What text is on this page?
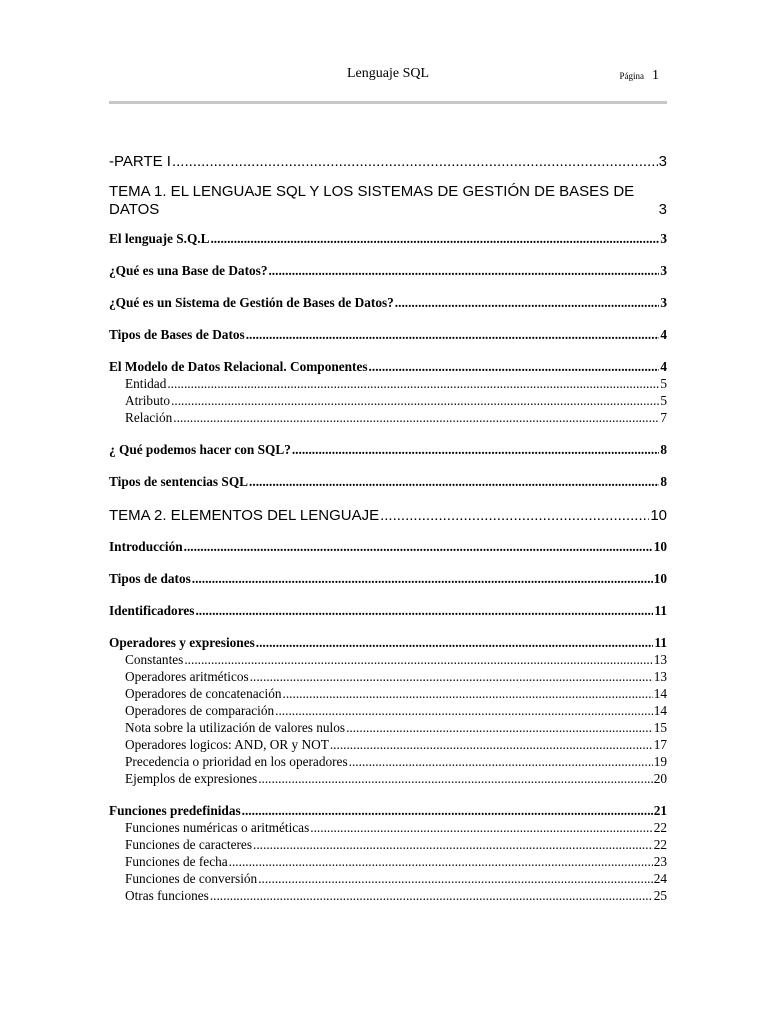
Lenguaje SQL	Página 1
-PARTE I .....	3
TEMA 1. EL LENGUAJE SQL Y LOS SISTEMAS DE GESTIÓN DE BASES DE
DATOS	3
El lenguaje S.Q.L .....	3
¿Qué es una Base de Datos? .....	3
¿Qué es un Sistema de Gestión de Bases de Datos? .....	3
Tipos de Bases de Datos .....	4
El Modelo de Datos Relacional. Componentes .....	4
Entidad .....	5
Atributo .....	5
Relación .....	7
¿ Qué podemos hacer con SQL? .....	8
Tipos de sentencias SQL .....	8
TEMA 2. ELEMENTOS DEL LENGUAJE .....	10
Introducción .....	10
Tipos de datos .....	10
Identificadores .....	11
Operadores y expresiones .....	11
Constantes .....	13
Operadores aritméticos .....	13
Operadores de concatenación .....	14
Operadores de comparación .....	14
Nota sobre la utilización de valores nulos .....	15
Operadores logicos: AND, OR y NOT .....	17
Precedencia o prioridad en los operadores .....	19
Ejemplos de expresiones .....	20
Funciones predefinidas .....	21
Funciones numéricas o aritméticas .....	22
Funciones de caracteres .....	22
Funciones de fecha .....	23
Funciones de conversión .....	24
Otras funciones .....	25
